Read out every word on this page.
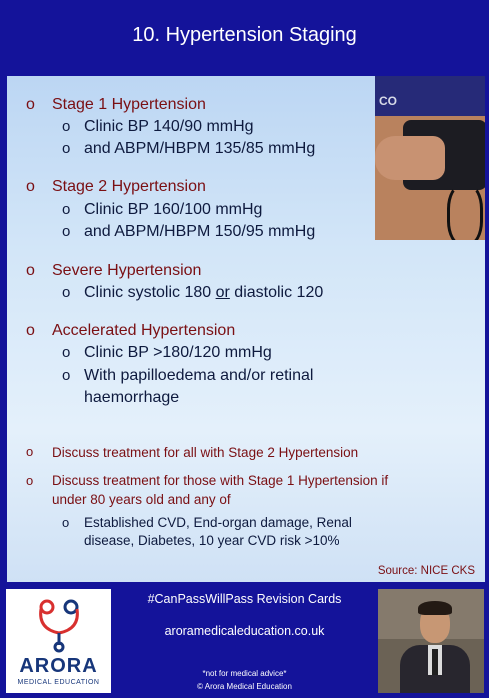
10. Hypertension Staging
CO
o Stage 1 Hypertension
o Clinic BP 140/90 mmHg
o and ABPM/HBPM 135/85 mmHg
o Stage 2 Hypertension
o Clinic BP 160/100 mmHg
o and ABPM/HBPM 150/95 mmHg
o Severe Hypertension
o Clinic systolic 180 or diastolic 120
o Accelerated Hypertension
o Clinic BP >180/120 mmHg
o With papilloedema and/or retinal
haemorrhage
o Discuss treatment for all with Stage 2 Hypertension
o Discuss treatment for those with Stage 1 Hypertension if
under 80 years old and any of
o Established CVD, End-organ damage, Renal
disease, Diabetes, 10 year CVD risk >10%
Source: NICE CKS
ARORA
MEDICAL EDUCATION
#CanPassWillPass Revision Cards
aroramedicaleducation.co.uk
*not for medical advice*
© Arora Medical Education
